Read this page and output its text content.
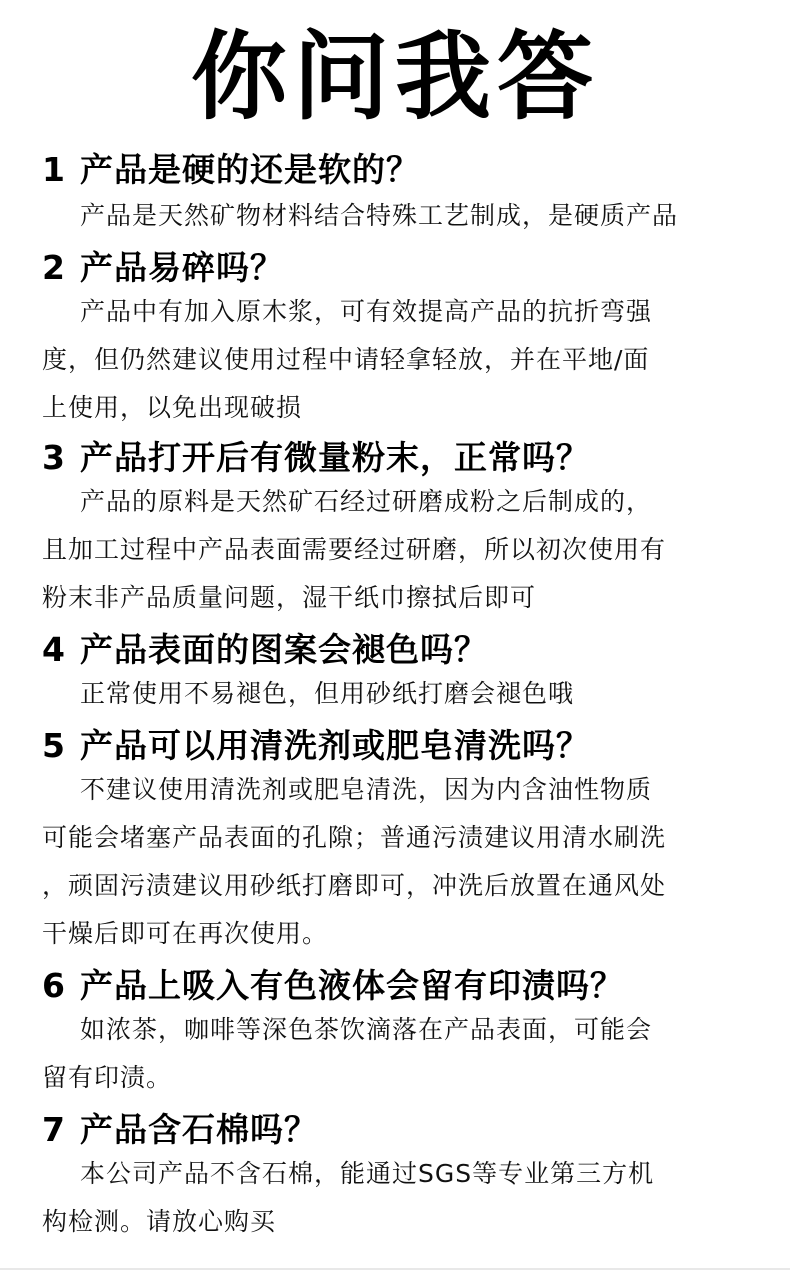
你问我答
1 产品是硬的还是软的？
产品是天然矿物材料结合特殊工艺制成，是硬质产品
2 产品易碎吗？
产品中有加入原木浆，可有效提高产品的抗折弯强
度，但仍然建议使用过程中请轻拿轻放，并在平地/面
上使用，以免出现破损
3 产品打开后有微量粉末，正常吗？
产品的原料是天然矿石经过研磨成粉之后制成的，
且加工过程中产品表面需要经过研磨，所以初次使用有
粉末非产品质量问题，湿干纸巾擦拭后即可
4 产品表面的图案会褪色吗？
正常使用不易褪色，但用砂纸打磨会褪色哦
5 产品可以用清洗剂或肥皂清洗吗？
不建议使用清洗剂或肥皂清洗，因为内含油性物质
可能会堵塞产品表面的孔隙；普通污渍建议用清水刷洗
，顽固污渍建议用砂纸打磨即可，冲洗后放置在通风处
干燥后即可在再次使用。
6 产品上吸入有色液体会留有印渍吗？
如浓茶，咖啡等深色茶饮滴落在产品表面，可能会
留有印渍。
7 产品含石棉吗？
本公司产品不含石棉，能通过SGS等专业第三方机
构检测。请放心购买
